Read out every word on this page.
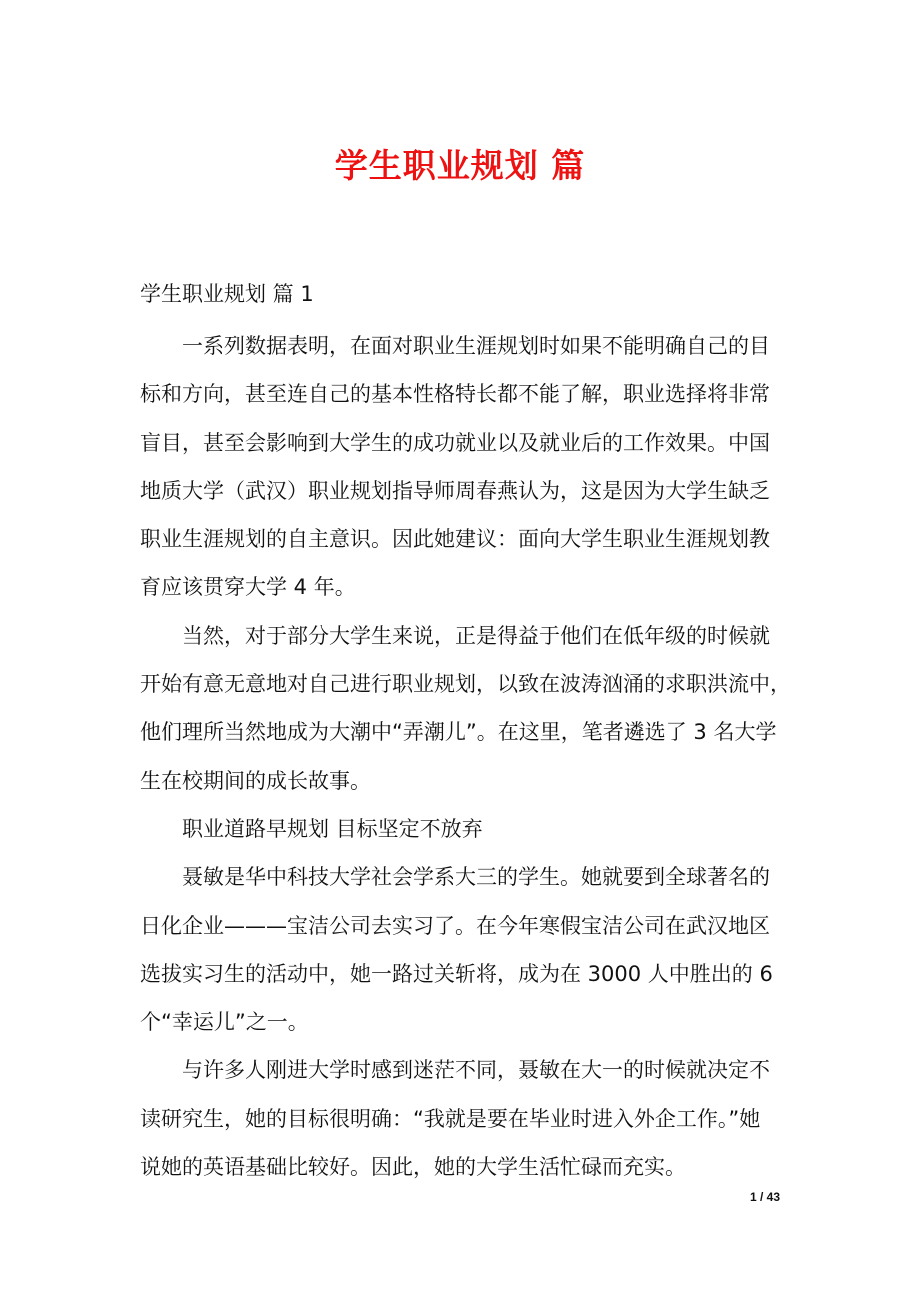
学生职业规划 篇
学生职业规划 篇 1
一系列数据表明，在面对职业生涯规划时如果不能明确自己的目
标和方向，甚至连自己的基本性格特长都不能了解，职业选择将非常
盲目，甚至会影响到大学生的成功就业以及就业后的工作效果。中国
地质大学（武汉）职业规划指导师周春燕认为，这是因为大学生缺乏
职业生涯规划的自主意识。因此她建议：面向大学生职业生涯规划教
育应该贯穿大学 4 年。
当然，对于部分大学生来说，正是得益于他们在低年级的时候就
开始有意无意地对自己进行职业规划，以致在波涛汹涌的求职洪流中，
他们理所当然地成为大潮中“弄潮儿”。在这里，笔者遴选了 3 名大学
生在校期间的成长故事。
职业道路早规划 目标坚定不放弃
聂敏是华中科技大学社会学系大三的学生。她就要到全球著名的
日化企业———宝洁公司去实习了。在今年寒假宝洁公司在武汉地区
选拔实习生的活动中，她一路过关斩将，成为在 3000 人中胜出的 6
个“幸运儿”之一。
与许多人刚进大学时感到迷茫不同，聂敏在大一的时候就决定不
读研究生，她的目标很明确：“我就是要在毕业时进入外企工作。”她
说她的英语基础比较好。因此，她的大学生活忙碌而充实。
1 / 43
